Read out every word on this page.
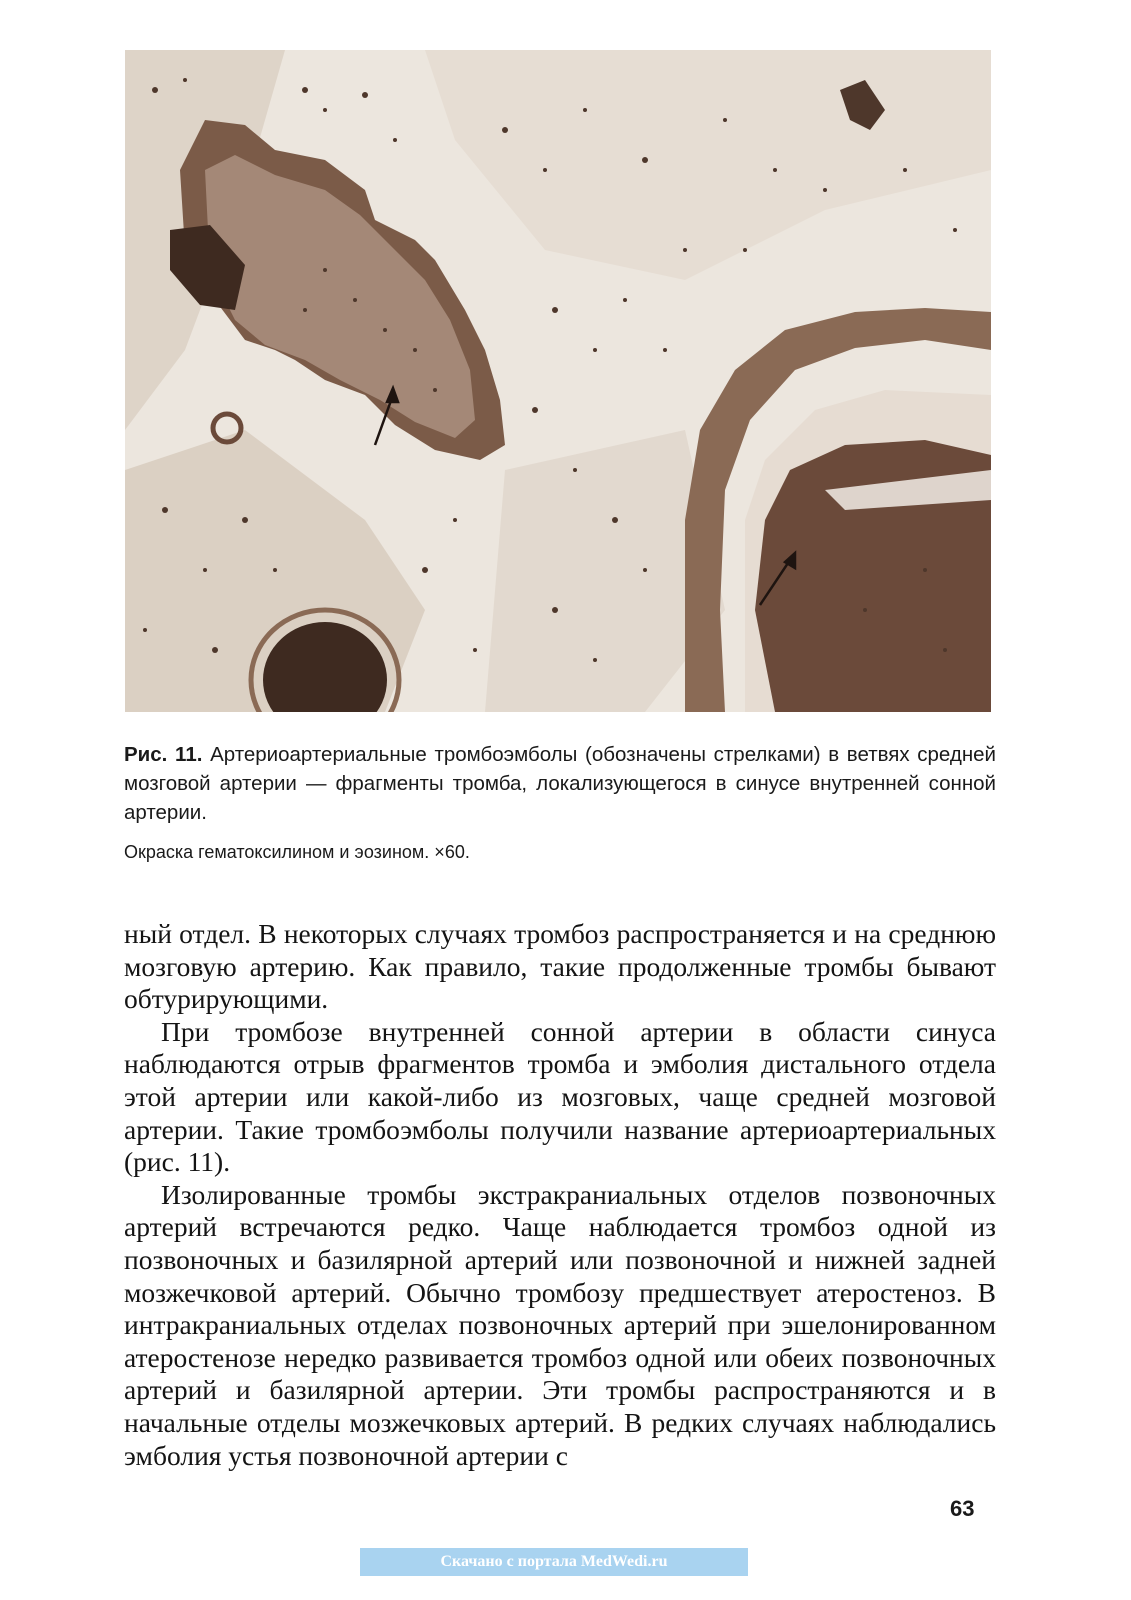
Рис. 11. Артериоартериальные тромбоэмболы (обозначены стрелками) в ветвях средней мозговой артерии — фрагменты тромба, локализующегося в синусе внутренней сонной артерии.

Окраска гематоксилином и эозином. ×60.

ный отдел. В некоторых случаях тромбоз распространяется и на среднюю мозговую артерию. Как правило, такие продолженные тромбы бывают обтурирующими.

При тромбозе внутренней сонной артерии в области синуса наблюдаются отрыв фрагментов тромба и эмболия дистального отдела этой артерии или какой-либо из мозговых, чаще средней мозговой артерии. Такие тромбоэмболы получили название артериоартериальных (рис. 11).

Изолированные тромбы экстракраниальных отделов позвоночных артерий встречаются редко. Чаще наблюдается тромбоз одной из позвоночных и базилярной артерий или позвоночной и нижней задней мозжечковой артерий. Обычно тромбозу предшествует атеростеноз. В интракраниальных отделах позвоночных артерий при эшелонированном атеростенозе нередко развивается тромбоз одной или обеих позвоночных артерий и базилярной артерии. Эти тромбы распространяются и в начальные отделы мозжечковых артерий. В редких случаях наблюдались эмболия устья позвоночной артерии с

63
Скачано с портала MedWedi.ru
